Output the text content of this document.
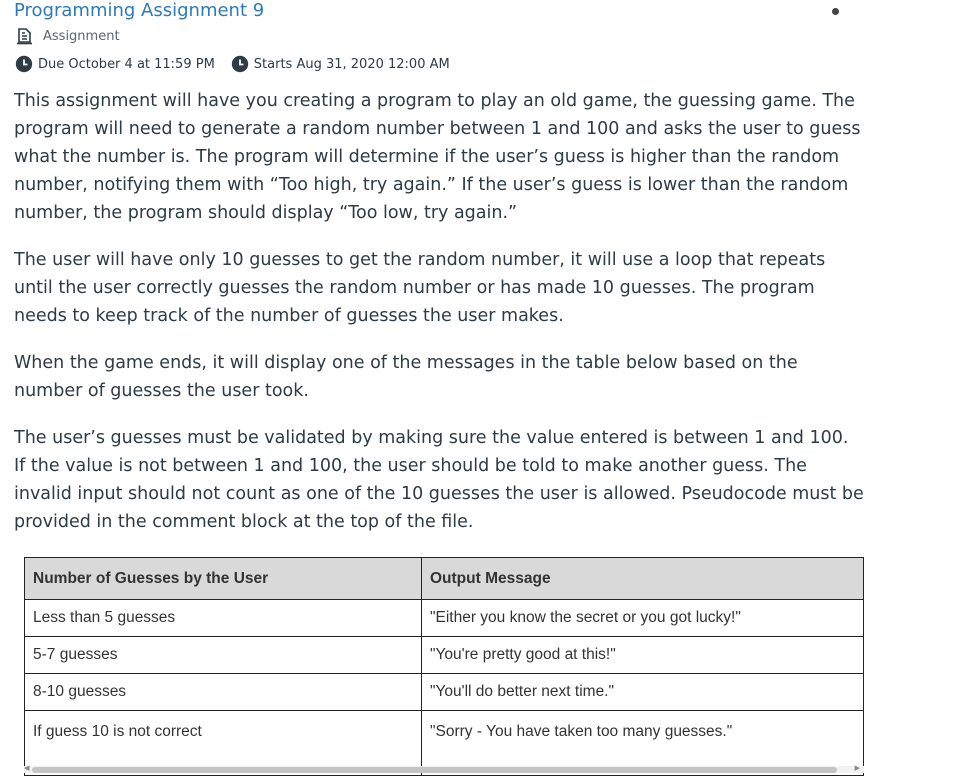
Programming Assignment 9
Assignment
Due October 4 at 11:59 PM	Starts Aug 31, 2020 12:00 AM

This assignment will have you creating a program to play an old game, the guessing game. The program will need to generate a random number between 1 and 100 and asks the user to guess what the number is. The program will determine if the user’s guess is higher than the random number, notifying them with “Too high, try again.” If the user’s guess is lower than the random number, the program should display “Too low, try again.”

The user will have only 10 guesses to get the random number, it will use a loop that repeats until the user correctly guesses the random number or has made 10 guesses. The program needs to keep track of the number of guesses the user makes.

When the game ends, it will display one of the messages in the table below based on the number of guesses the user took.

The user’s guesses must be validated by making sure the value entered is between 1 and 100. If the value is not between 1 and 100, the user should be told to make another guess. The invalid input should not count as one of the 10 guesses the user is allowed. Pseudocode must be provided in the comment block at the top of the file.

Number of Guesses by the User	Output Message
Less than 5 guesses	"Either you know the secret or you got lucky!"
5-7 guesses	"You're pretty good at this!"
8-10 guesses	"You'll do better next time."
If guess 10 is not correct	"Sorry - You have taken too many guesses."
◀	▶
